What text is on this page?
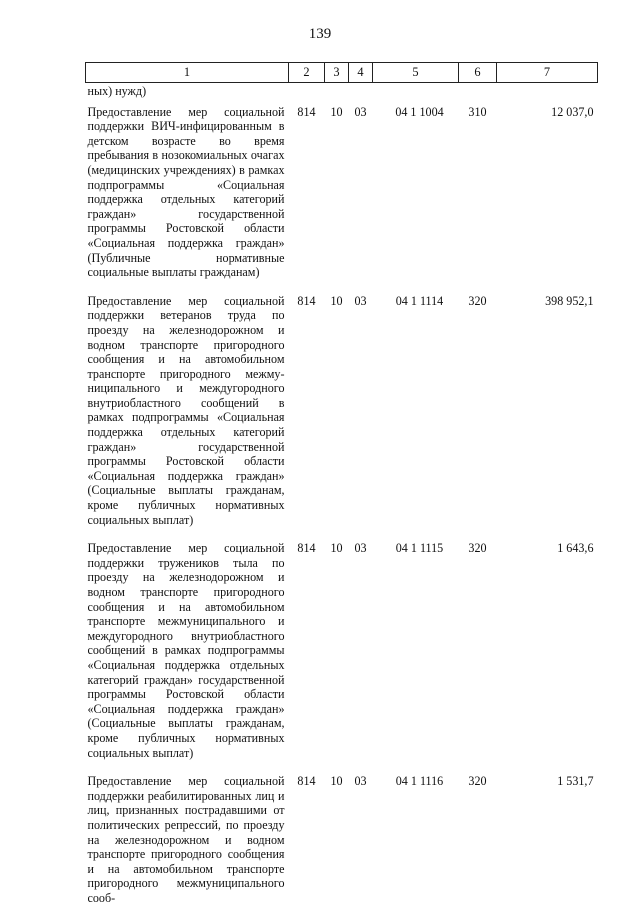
139
1	2	3	4	5	6	7
ных) нужд)						
Предоставление мер социальной поддержки ВИЧ-инфицированным в детском возрасте во время пребывания в нозокомиальных очагах (медицинских учреждениях) в рамках подпрограммы «Социальная поддержка отдельных категорий граждан» государственной программы Ростовской области «Социальная поддержка граждан» (Публичные нормативные социальные выплаты гражданам)	814	10	03	04 1 1004	310	12 037,0
Предоставление мер социальной поддержки ветеранов труда по проезду на железнодорожном и водном транспорте пригородного сообщения и на автомобильном транспорте пригородного межмуниципального и междугородного внутриобластного сообщений в рамках подпрограммы «Социальная поддержка отдельных категорий граждан» государственной программы Ростовской области «Социальная поддержка граждан» (Социальные выплаты гражданам, кроме публичных нормативных социальных выплат)	814	10	03	04 1 1114	320	398 952,1
Предоставление мер социальной поддержки тружеников тыла по проезду на железнодорожном и водном транспорте пригородного сообщения и на автомобильном транспорте межмуниципального и междугородного внутриобластного сообщений в рамках подпрограммы «Социальная поддержка отдельных категорий граждан» государственной программы Ростовской области «Социальная поддержка граждан» (Социальные выплаты гражданам, кроме публичных нормативных социальных выплат)	814	10	03	04 1 1115	320	1 643,6
Предоставление мер социальной поддержки реабилитированных лиц и лиц, признанных пострадавшими от политических репрессий, по проезду на железнодорожном и водном транспорте пригородного сообщения и на автомобильном транспорте пригородного межмуниципального сооб-	814	10	03	04 1 1116	320	1 531,7
